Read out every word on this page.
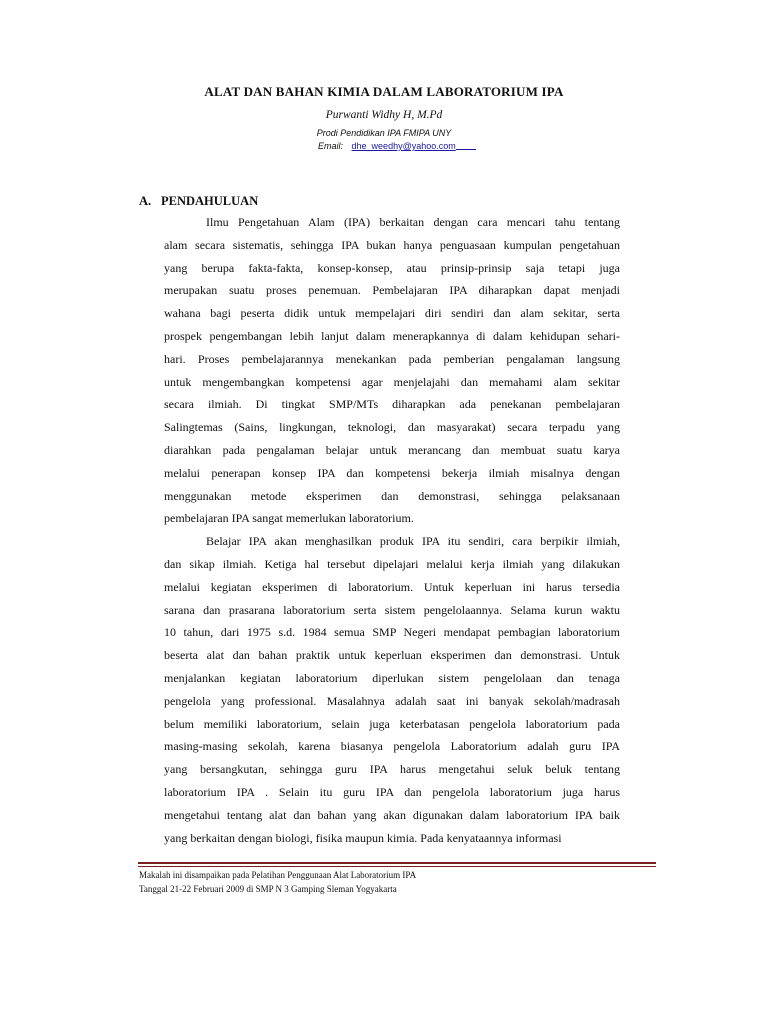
ALAT DAN BAHAN KIMIA DALAM LABORATORIUM IPA
Purwanti Widhy H, M.Pd
Prodi Pendidikan IPA FMIPA UNY
Email: dhe_weedhy@yahoo.com
A. PENDAHULUAN
Ilmu Pengetahuan Alam (IPA) berkaitan dengan cara mencari tahu tentang
alam secara sistematis, sehingga IPA bukan hanya penguasaan kumpulan pengetahuan
yang berupa fakta-fakta, konsep-konsep, atau prinsip-prinsip saja tetapi juga
merupakan suatu proses penemuan. Pembelajaran IPA diharapkan dapat menjadi
wahana bagi peserta didik untuk mempelajari diri sendiri dan alam sekitar, serta
prospek pengembangan lebih lanjut dalam menerapkannya di dalam kehidupan sehari-
hari. Proses pembelajarannya menekankan pada pemberian pengalaman langsung
untuk mengembangkan kompetensi agar menjelajahi dan memahami alam sekitar
secara ilmiah. Di tingkat SMP/MTs diharapkan ada penekanan pembelajaran
Salingtemas (Sains, lingkungan, teknologi, dan masyarakat) secara terpadu yang
diarahkan pada pengalaman belajar untuk merancang dan membuat suatu karya
melalui penerapan konsep IPA dan kompetensi bekerja ilmiah misalnya dengan
menggunakan metode eksperimen dan demonstrasi, sehingga pelaksanaan
pembelajaran IPA sangat memerlukan laboratorium.
Belajar IPA akan menghasilkan produk IPA itu sendiri, cara berpikir ilmiah,
dan sikap ilmiah. Ketiga hal tersebut dipelajari melalui kerja ilmiah yang dilakukan
melalui kegiatan eksperimen di laboratorium. Untuk keperluan ini harus tersedia
sarana dan prasarana laboratorium serta sistem pengelolaannya. Selama kurun waktu
10 tahun, dari 1975 s.d. 1984 semua SMP Negeri mendapat pembagian laboratorium
beserta alat dan bahan praktik untuk keperluan eksperimen dan demonstrasi. Untuk
menjalankan kegiatan laboratorium diperlukan sistem pengelolaan dan tenaga
pengelola yang professional. Masalahnya adalah saat ini banyak sekolah/madrasah
belum memiliki laboratorium, selain juga keterbatasan pengelola laboratorium pada
masing-masing sekolah, karena biasanya pengelola Laboratorium adalah guru IPA
yang bersangkutan, sehingga guru IPA harus mengetahui seluk beluk tentang
laboratorium IPA . Selain itu guru IPA dan pengelola laboratorium juga harus
mengetahui tentang alat dan bahan yang akan digunakan dalam laboratorium IPA baik
yang berkaitan dengan biologi, fisika maupun kimia. Pada kenyataannya informasi
Makalah ini disampaikan pada Pelatihan Penggunaan Alat Laboratorium IPA
Tanggal 21-22 Februari 2009 di SMP N 3 Gamping Sleman Yogyakarta
